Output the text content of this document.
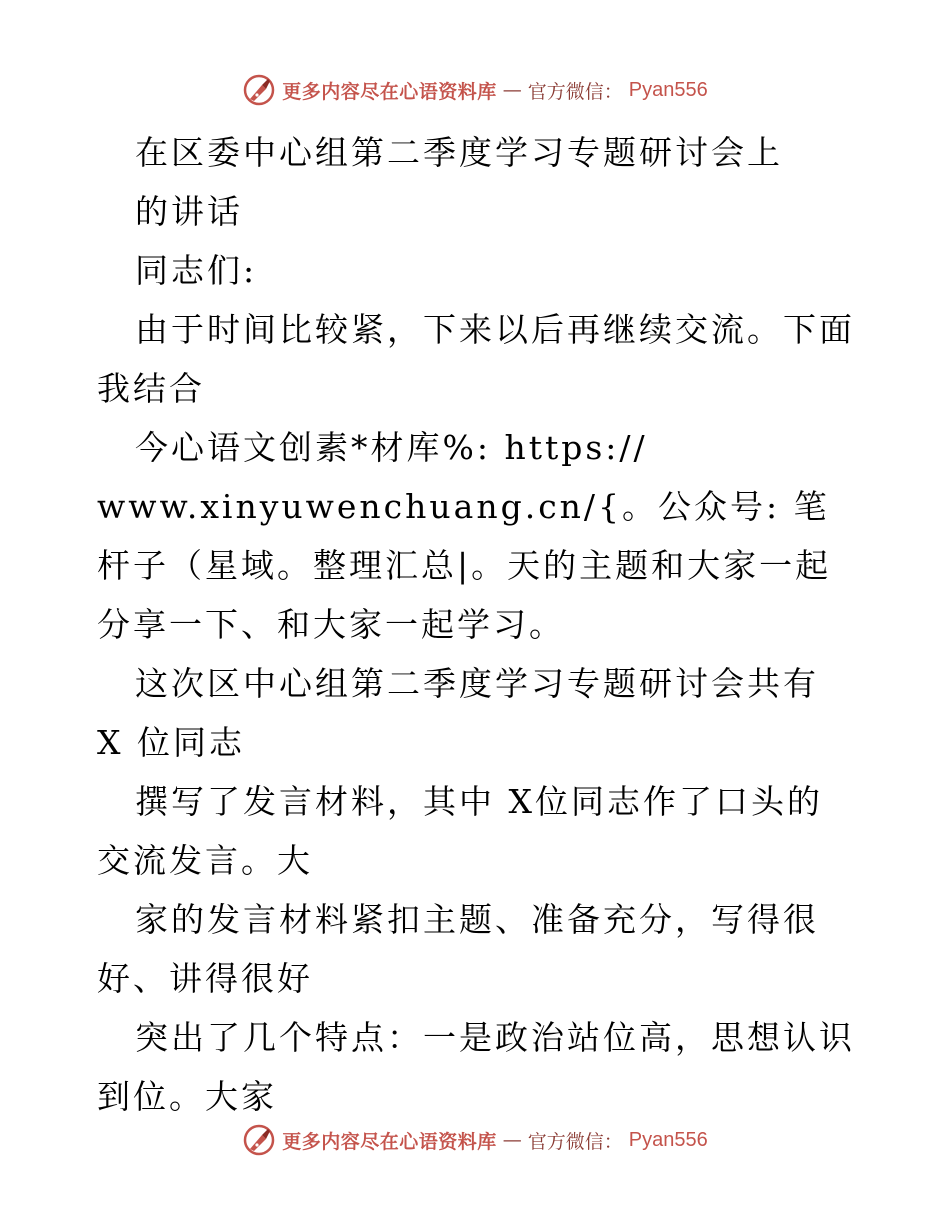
更多内容尽在心语资料库 — 官方微信： Pyan556

在区委中心组第二季度学习专题研讨会上

的讲话

同志们:

由于时间比较紧，下来以后再继续交流。下面我结合

今心语文创素*材库%: https://

www.xinyuwenchuang.cn/{。公众号: 笔杆子（星域。整理汇总|。天的主题和大家一起分享一下、和大家一起学习。

这次区中心组第二季度学习专题研讨会共有 X 位同志

撰写了发言材料，其中 X位同志作了口头的交流发言。大

家的发言材料紧扣主题、准备充分，写得很好、讲得很好

突出了几个特点：一是政治站位高，思想认识到位。大家

更多内容尽在心语资料库 — 官方微信： Pyan556
